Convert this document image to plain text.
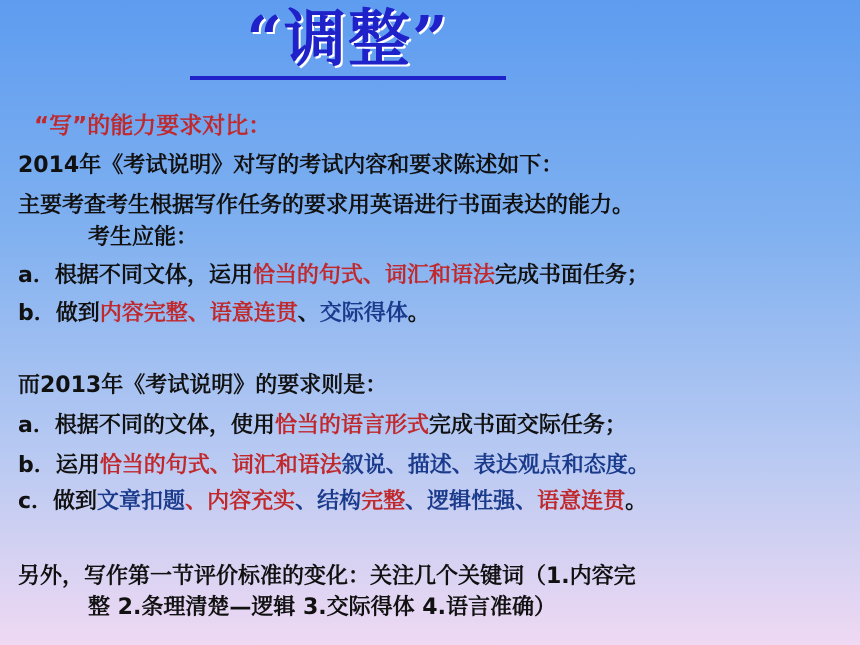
“调整”
“写”的能力要求对比：
2014年《考试说明》对写的考试内容和要求陈述如下：
主要考查考生根据写作任务的要求用英语进行书面表达的能力。
考生应能：
a．根据不同文体，运用恰当的句式、词汇和语法完成书面任务；
b．做到内容完整、语意连贯、交际得体。
而2013年《考试说明》的要求则是：
a．根据不同的文体，使用恰当的语言形式完成书面交际任务；
b．运用恰当的句式、词汇和语法叙说、描述、表达观点和态度。
c．做到文章扣题、内容充实、结构完整、逻辑性强、语意连贯。
另外，写作第一节评价标准的变化：关注几个关键词（1.内容完
整 2.条理清楚—逻辑 3.交际得体 4.语言准确）
